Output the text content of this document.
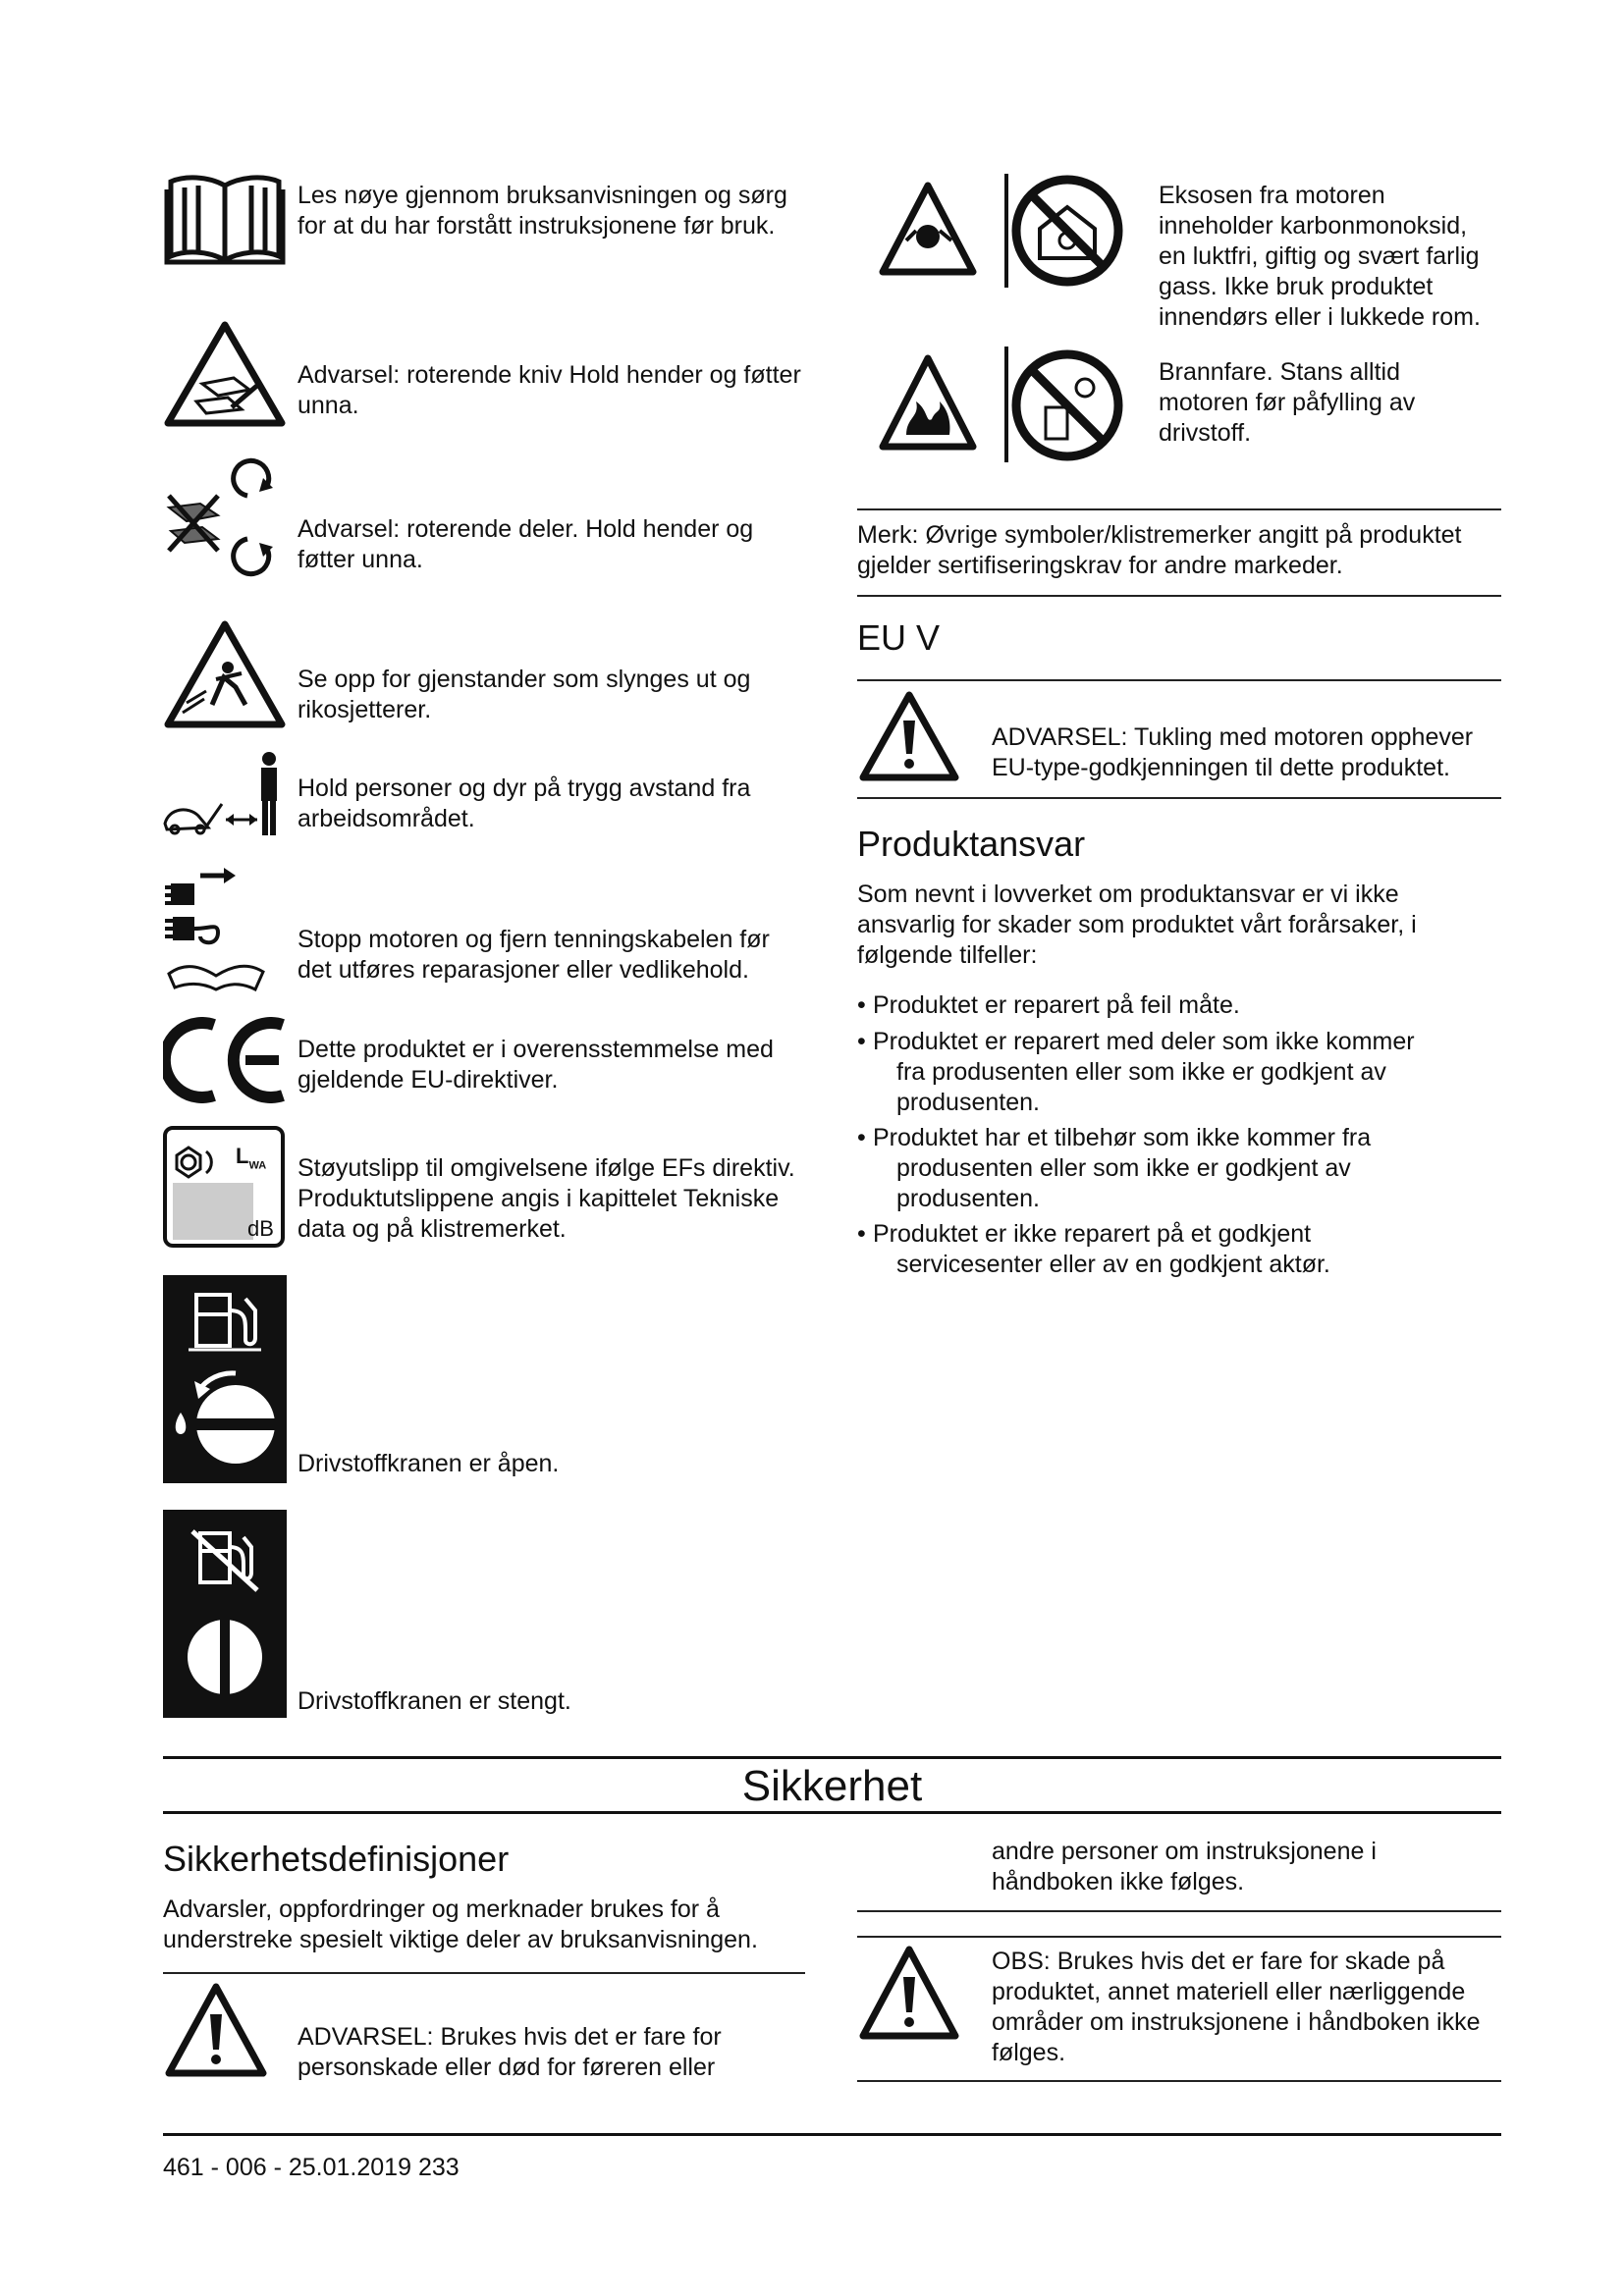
Les nøye gjennom bruksanvisningen og sørg for at du har forstått instruksjonene før bruk.
Advarsel: roterende kniv Hold hender og føtter unna.
Advarsel: roterende deler. Hold hender og føtter unna.
Se opp for gjenstander som slynges ut og rikosjetterer.
Hold personer og dyr på trygg avstand fra arbeidsområdet.
Stopp motoren og fjern tenningskabelen før det utføres reparasjoner eller vedlikehold.
Dette produktet er i overensstemmelse med gjeldende EU-direktiver.
$L_{WA}$
dB
Støyutslipp til omgivelsene ifølge EFs direktiv. Produktutslippene angis i kapittelet Tekniske data og på klistremerket.
Drivstoffkranen er åpen.
Drivstoffkranen er stengt.
Eksosen fra motoren inneholder karbonmonoksid, en luktfri, giftig og svært farlig gass. Ikke bruk produktet innendørs eller i lukkede rom.
Brannfare. Stans alltid motoren før påfylling av drivstoff.
Merk: Øvrige symboler/klistremerker angitt på produktet gjelder sertifiseringskrav for andre markeder.
EU V
ADVARSEL: Tukling med motoren opphever EU-type-godkjenningen til dette produktet.
Produktansvar
Som nevnt i lovverket om produktansvar er vi ikke ansvarlig for skader som produktet vårt forårsaker, i følgende tilfeller:
• Produktet er reparert på feil måte.
• Produktet er reparert med deler som ikke kommer
fra produsenten eller som ikke er godkjent av produsenten.
• Produktet har et tilbehør som ikke kommer fra
produsenten eller som ikke er godkjent av produsenten.
• Produktet er ikke reparert på et godkjent
servicesenter eller av en godkjent aktør.
Sikkerhet
Sikkerhetsdefinisjoner
Advarsler, oppfordringer og merknader brukes for å understreke spesielt viktige deler av bruksanvisningen.
ADVARSEL: Brukes hvis det er fare for personskade eller død for føreren eller
andre personer om instruksjonene i håndboken ikke følges.
OBS: Brukes hvis det er fare for skade på produktet, annet materiell eller nærliggende områder om instruksjonene i håndboken ikke følges.
461 - 006 - 25.01.2019 233
